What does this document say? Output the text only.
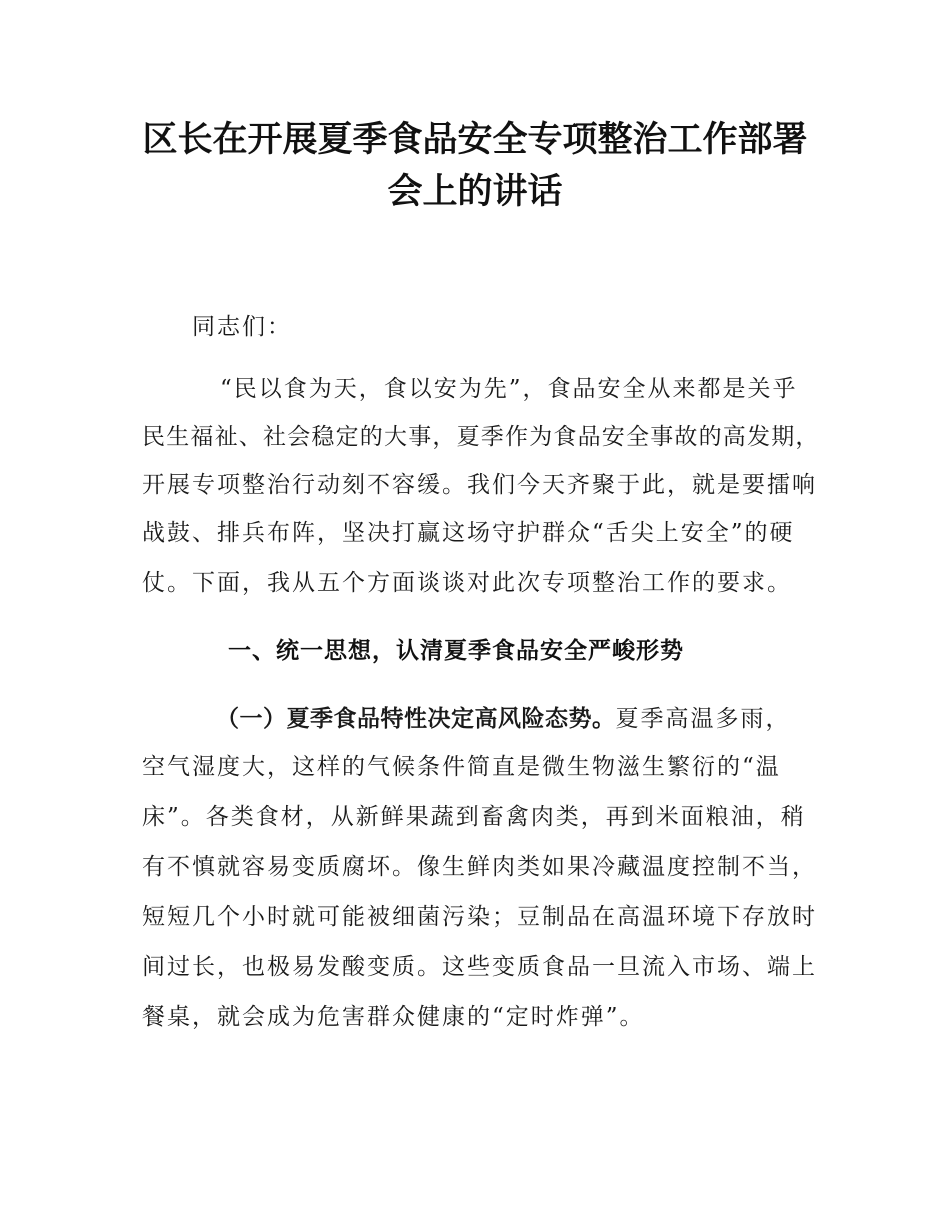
区长在开展夏季食品安全专项整治工作部署
会上的讲话
同志们：
“民以食为天，食以安为先”，食品安全从来都是关乎
民生福祉、社会稳定的大事，夏季作为食品安全事故的高发期，
开展专项整治行动刻不容缓。我们今天齐聚于此，就是要擂响
战鼓、排兵布阵，坚决打赢这场守护群众“舌尖上安全”的硬
仗。下面，我从五个方面谈谈对此次专项整治工作的要求。
一、统一思想，认清夏季食品安全严峻形势
（一）夏季食品特性决定高风险态势。夏季高温多雨，
空气湿度大，这样的气候条件简直是微生物滋生繁衍的“温
床”。各类食材，从新鲜果蔬到畜禽肉类，再到米面粮油，稍
有不慎就容易变质腐坏。像生鲜肉类如果冷藏温度控制不当，
短短几个小时就可能被细菌污染；豆制品在高温环境下存放时
间过长，也极易发酸变质。这些变质食品一旦流入市场、端上
餐桌，就会成为危害群众健康的“定时炸弹”。
